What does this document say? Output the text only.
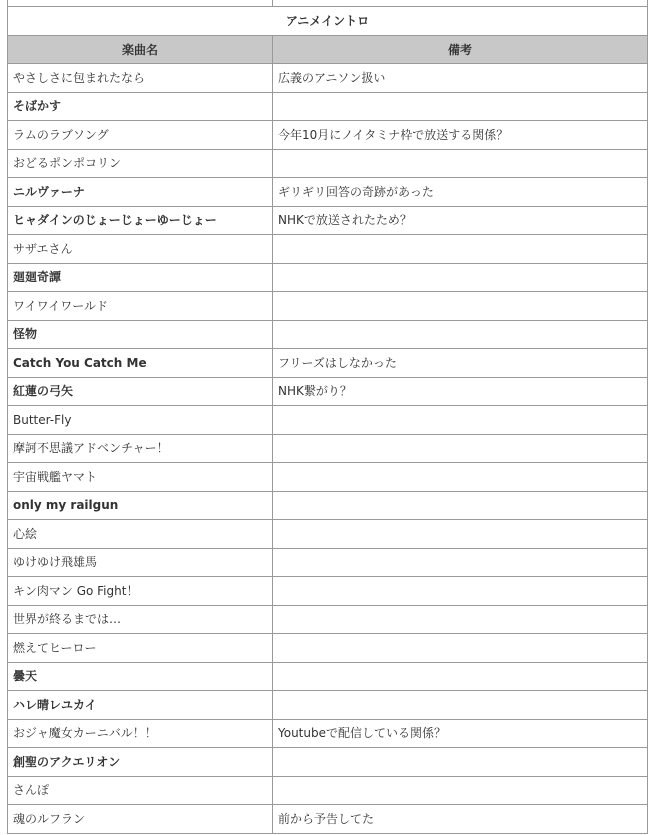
アニメイントロ	
楽曲名	備考
やさしさに包まれたなら	広義のアニソン扱い
そばかす	
ラムのラブソング	今年10月にノイタミナ枠で放送する関係？
おどるポンポコリン	
ニルヴァーナ	ギリギリ回答の奇跡があった
ヒャダインのじょーじょーゆーじょー	NHKで放送されたため？
サザエさん	
廻廻奇譚	
ワイワイワールド	
怪物	
Catch You Catch Me	フリーズはしなかった
紅蓮の弓矢	NHK繋がり？
Butter-Fly	
摩訶不思議アドベンチャー！	
宇宙戦艦ヤマト	
only my railgun	
心絵	
ゆけゆけ飛雄馬	
キン肉マン Go Fight！	
世界が終るまでは…	
燃えてヒーロー	
曇天	
ハレ晴レユカイ	
おジャ魔女カーニバル！！	Youtubeで配信している関係？
創聖のアクエリオン	
さんぽ	
魂のルフラン	前から予告してた
